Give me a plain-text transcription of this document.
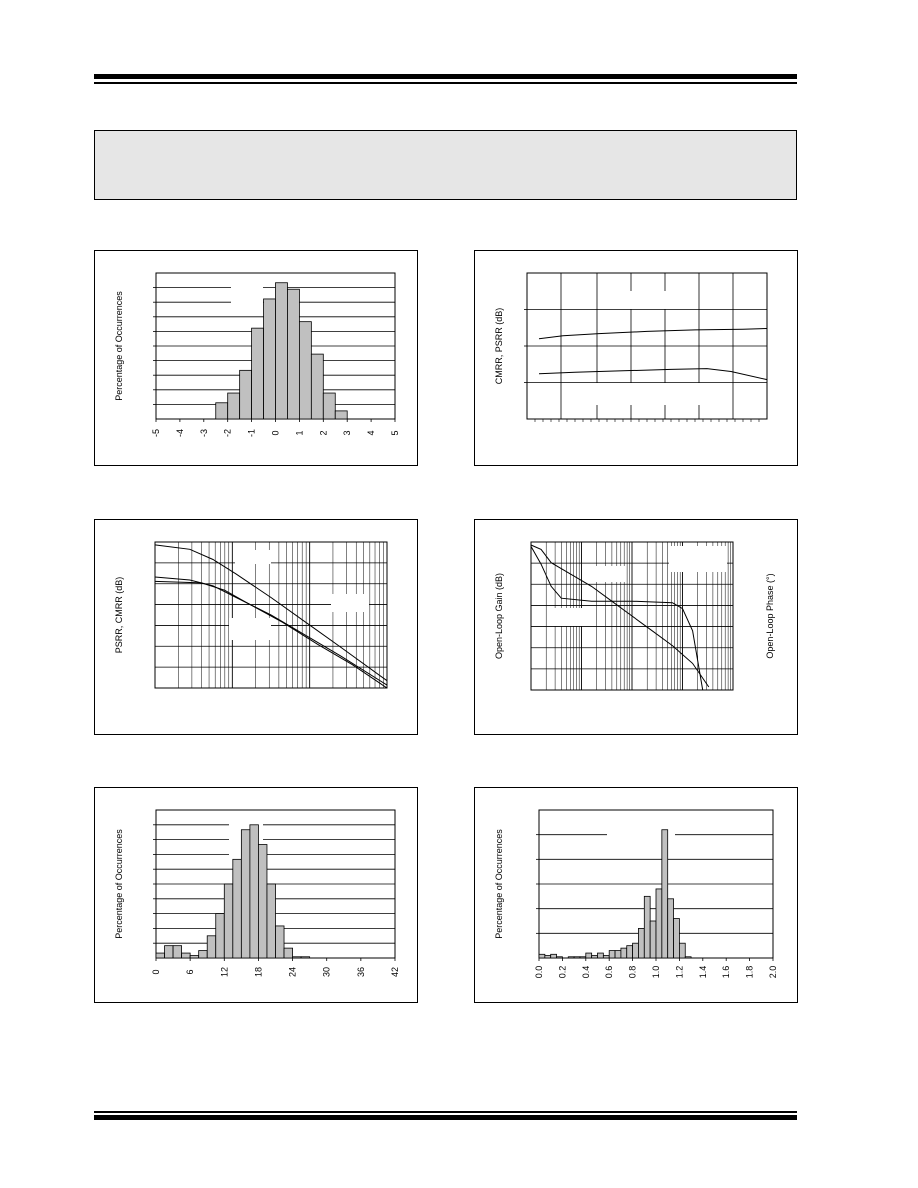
-5 -4 -3 -2 -1 0 1 2 3 4 5
Percentage of Occurrences	CMRR, PSRR (dB)
PSRR, CMRR (dB)	Open-Loop Gain (dB)	Open-Loop Phase (°)
0	6	12	18	24	30	36	42
Percentage of Occurrences
0.0 0.2 0.4 0.6 0.8 1.0 1.2 1.4 1.6 1.8 2.0
Percentage of Occurrences
